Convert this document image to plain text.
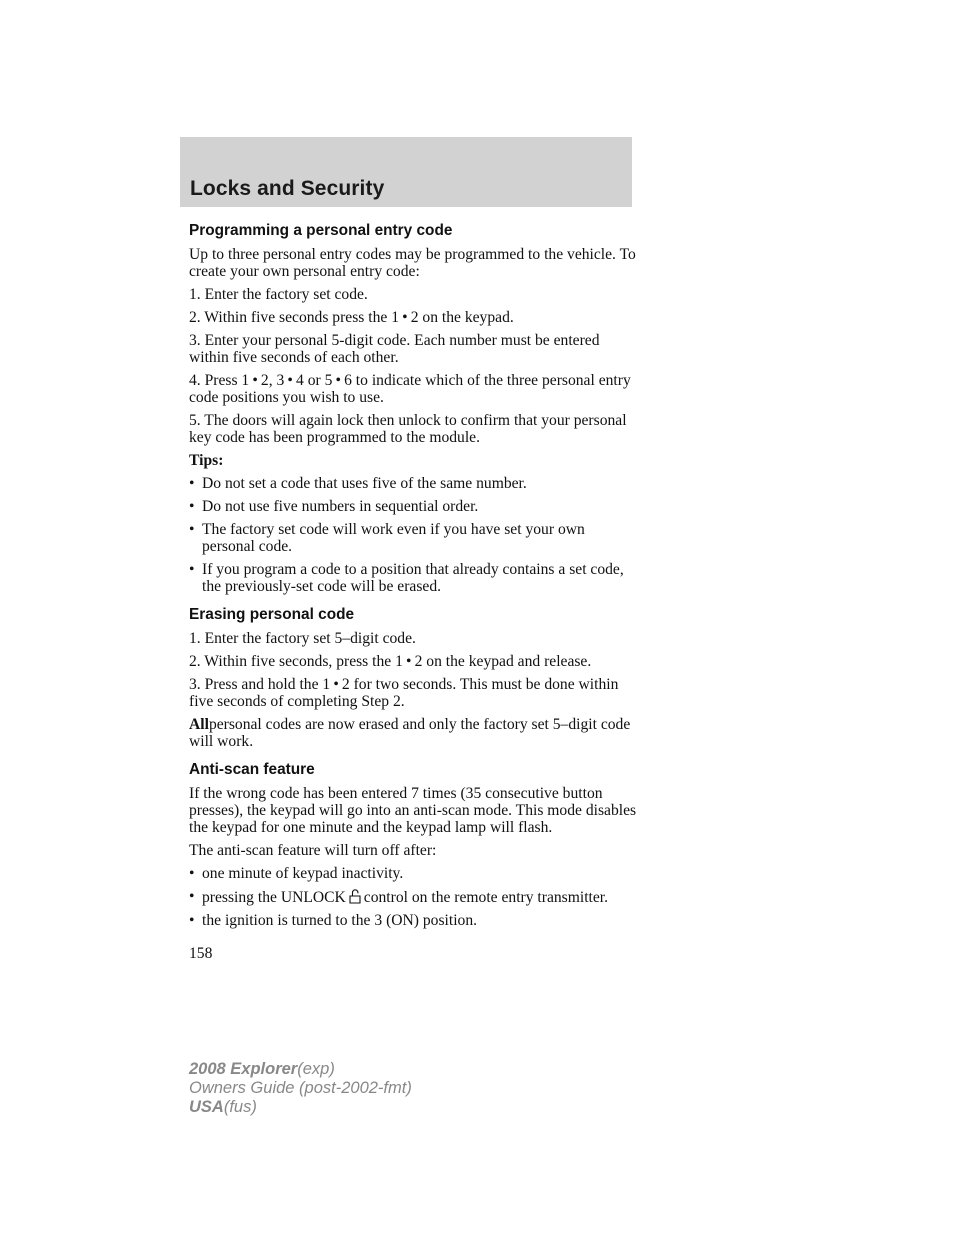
Locks and Security
Programming a personal entry code

Up to three personal entry codes may be programmed to the vehicle. To create your own personal entry code:

1. Enter the factory set code.

2. Within five seconds press the 1 • 2 on the keypad.

3. Enter your personal 5-digit code. Each number must be entered within five seconds of each other.

4. Press 1 • 2, 3 • 4 or 5 • 6 to indicate which of the three personal entry code positions you wish to use.

5. The doors will again lock then unlock to confirm that your personal key code has been programmed to the module.

Tips:

• Do not set a code that uses five of the same number.
• Do not use five numbers in sequential order.
• The factory set code will work even if you have set your own personal code.
• If you program a code to a position that already contains a set code, the previously-set code will be erased.
Erasing personal code

1. Enter the factory set 5–digit code.

2. Within five seconds, press the 1 • 2 on the keypad and release.

3. Press and hold the 1 • 2 for two seconds. This must be done within five seconds of completing Step 2.

Allpersonal codes are now erased and only the factory set 5–digit code will work.

Anti-scan feature

If the wrong code has been entered 7 times (35 consecutive button presses), the keypad will go into an anti-scan mode. This mode disables the keypad for one minute and the keypad lamp will flash.

The anti-scan feature will turn off after:

• one minute of keypad inactivity.
• pressing the UNLOCK control on the remote entry transmitter.
• the ignition is turned to the 3 (ON) position.
158
2008 Explorer(exp)
Owners Guide (post-2002-fmt)
USA(fus)
